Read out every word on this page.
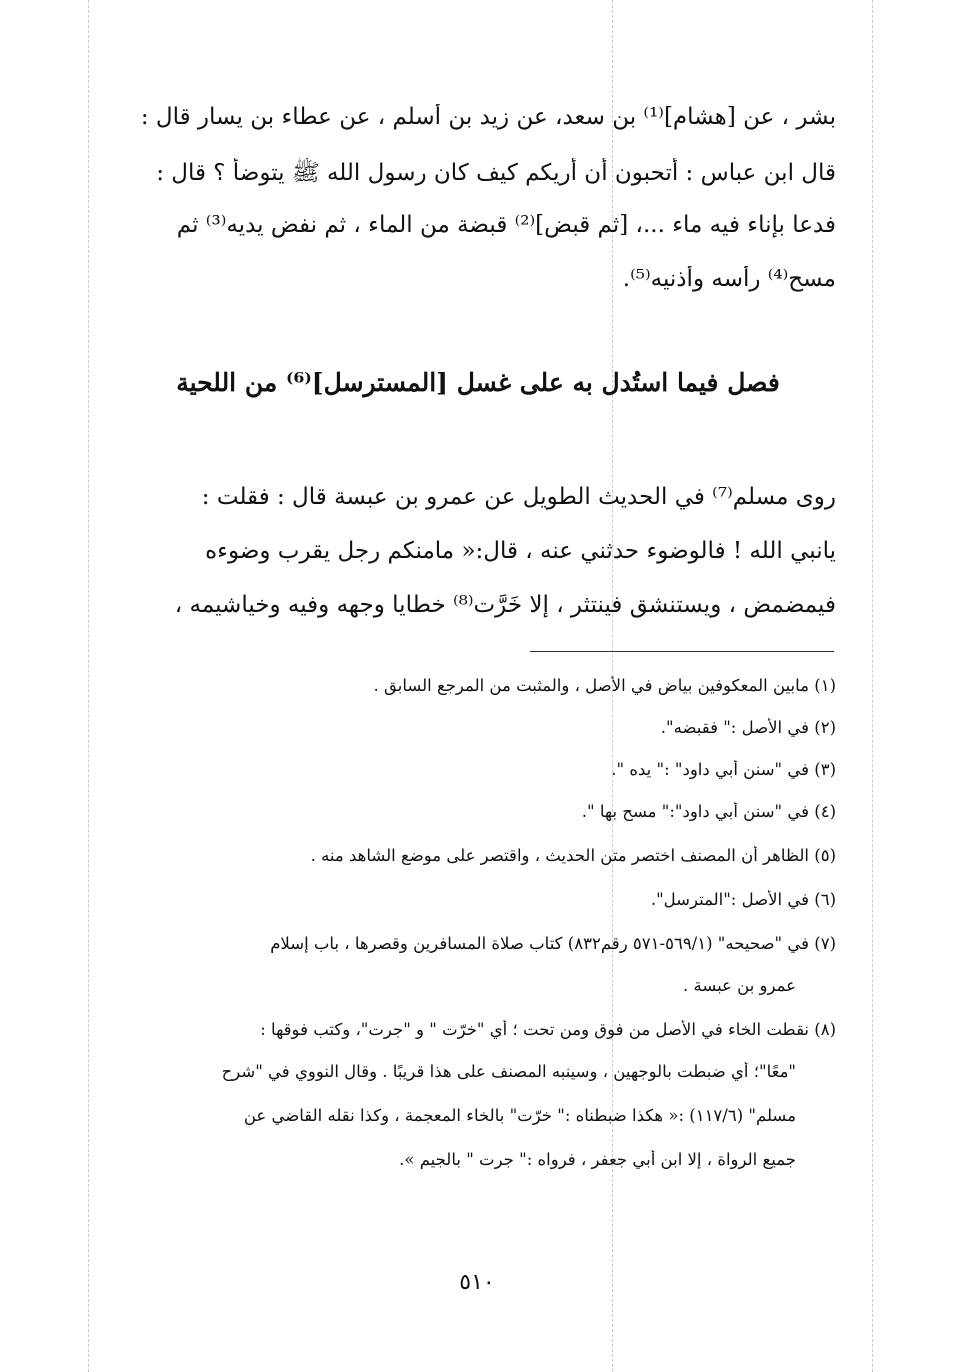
بشر ، عن [هشام]⁽¹⁾ بن سعد، عن زيد بن أسلم ، عن عطاء بن يسار قال :
قال ابن عباس : أتحبون أن أريكم كيف كان رسول الله ﷺ يتوضأ ؟ قال :
فدعا بإناء فيه ماء ...، [ثم قبض]⁽²⁾ قبضة من الماء ، ثم نفض يديه⁽³⁾ ثم
مسح⁽⁴⁾ رأسه وأذنيه⁽⁵⁾.
فصل فيما استُدل به على غسل [المسترسل]⁽⁶⁾ من اللحية
روى مسلم⁽⁷⁾ في الحديث الطويل عن عمرو بن عبسة قال : فقلت :
يانبي الله ! فالوضوء حدثني عنه ، قال:« مامنكم رجل يقرب وضوءه
فيمضمض ، ويستنشق فينتثر ، إلا خَرَّت⁽⁸⁾ خطايا وجهه وفيه وخياشيمه ،
(١) مابين المعكوفين بياض في الأصل ، والمثبت من المرجع السابق .
(٢) في الأصل :" فقبضه".
(٣) في "سنن أبي داود" :" يده ".
(٤) في "سنن أبي داود":" مسح بها ".
(٥) الظاهر أن المصنف اختصر متن الحديث ، واقتصر على موضع الشاهد منه .
(٦) في الأصل :"المترسل".
(٧) في "صحيحه" (٥٦٩/١-٥٧١ رقم٨٣٢) كتاب صلاة المسافرين وقصرها ، باب إسلام
عمرو بن عبسة .
(٨) نقطت الخاء في الأصل من فوق ومن تحت ؛ أي "خرّت " و "جرت"، وكتب فوقها :
"معًا"؛ أي ضبطت بالوجهين ، وسينبه المصنف على هذا قريبًا . وقال النووي في "شرح
مسلم" (١١٧/٦) :« هكذا ضبطناه :" خرّت" بالخاء المعجمة ، وكذا نقله القاضي عن
جميع الرواة ، إلا ابن أبي جعفر ، فرواه :" جرت " بالجيم ».
٥١٠
